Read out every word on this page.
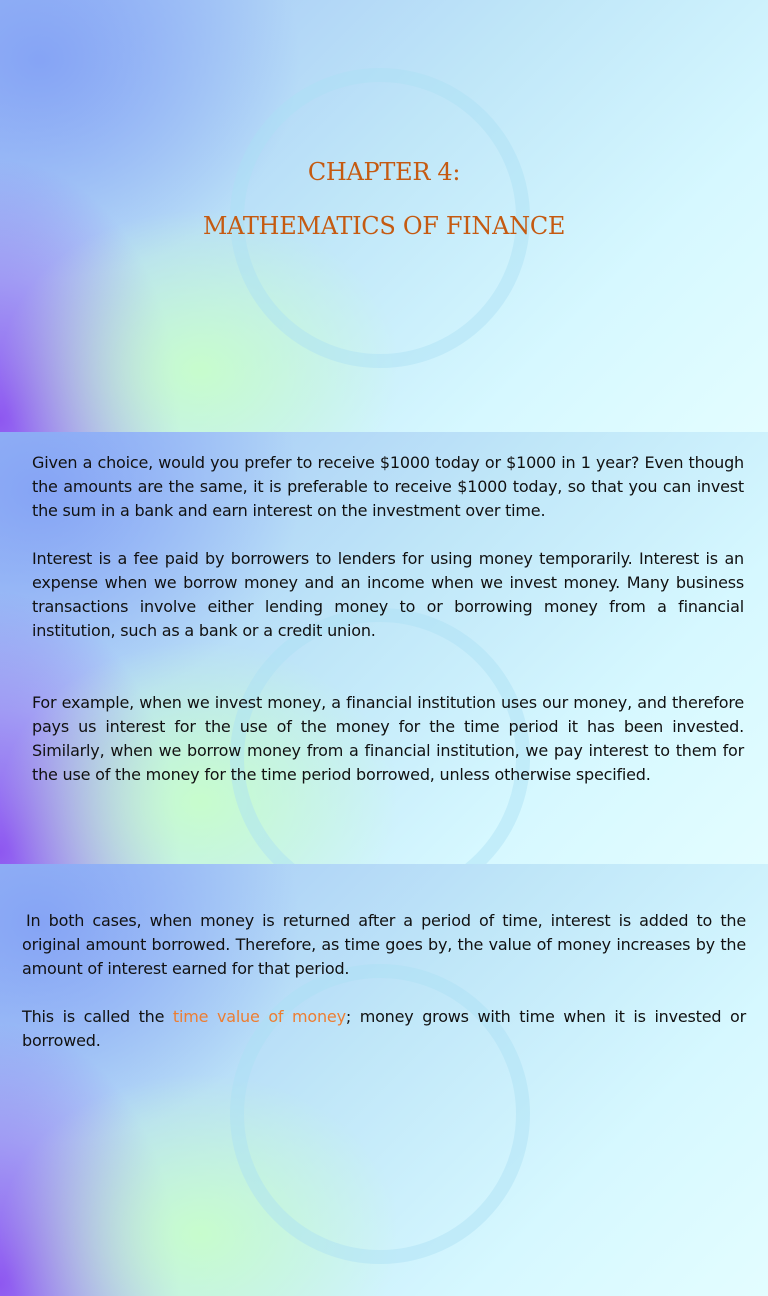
CHAPTER 4:
MATHEMATICS OF FINANCE

Given a choice, would you prefer to receive $1000 today or $1000 in 1 year? Even though the amounts are the same, it is preferable to receive $1000 today, so that you can invest the sum in a bank and earn interest on the investment over time.

Interest is a fee paid by borrowers to lenders for using money temporarily. Interest is an expense when we borrow money and an income when we invest money. Many business transactions involve either lending money to or borrowing money from a financial institution, such as a bank or a credit union.

For example, when we invest money, a financial institution uses our money, and therefore pays us interest for the use of the money for the time period it has been invested. Similarly, when we borrow money from a financial institution, we pay interest to them for the use of the money for the time period borrowed, unless otherwise specified.

In both cases, when money is returned after a period of time, interest is added to the original amount borrowed. Therefore, as time goes by, the value of money increases by the amount of interest earned for that period.

This is called the time value of money; money grows with time when it is invested or borrowed.
